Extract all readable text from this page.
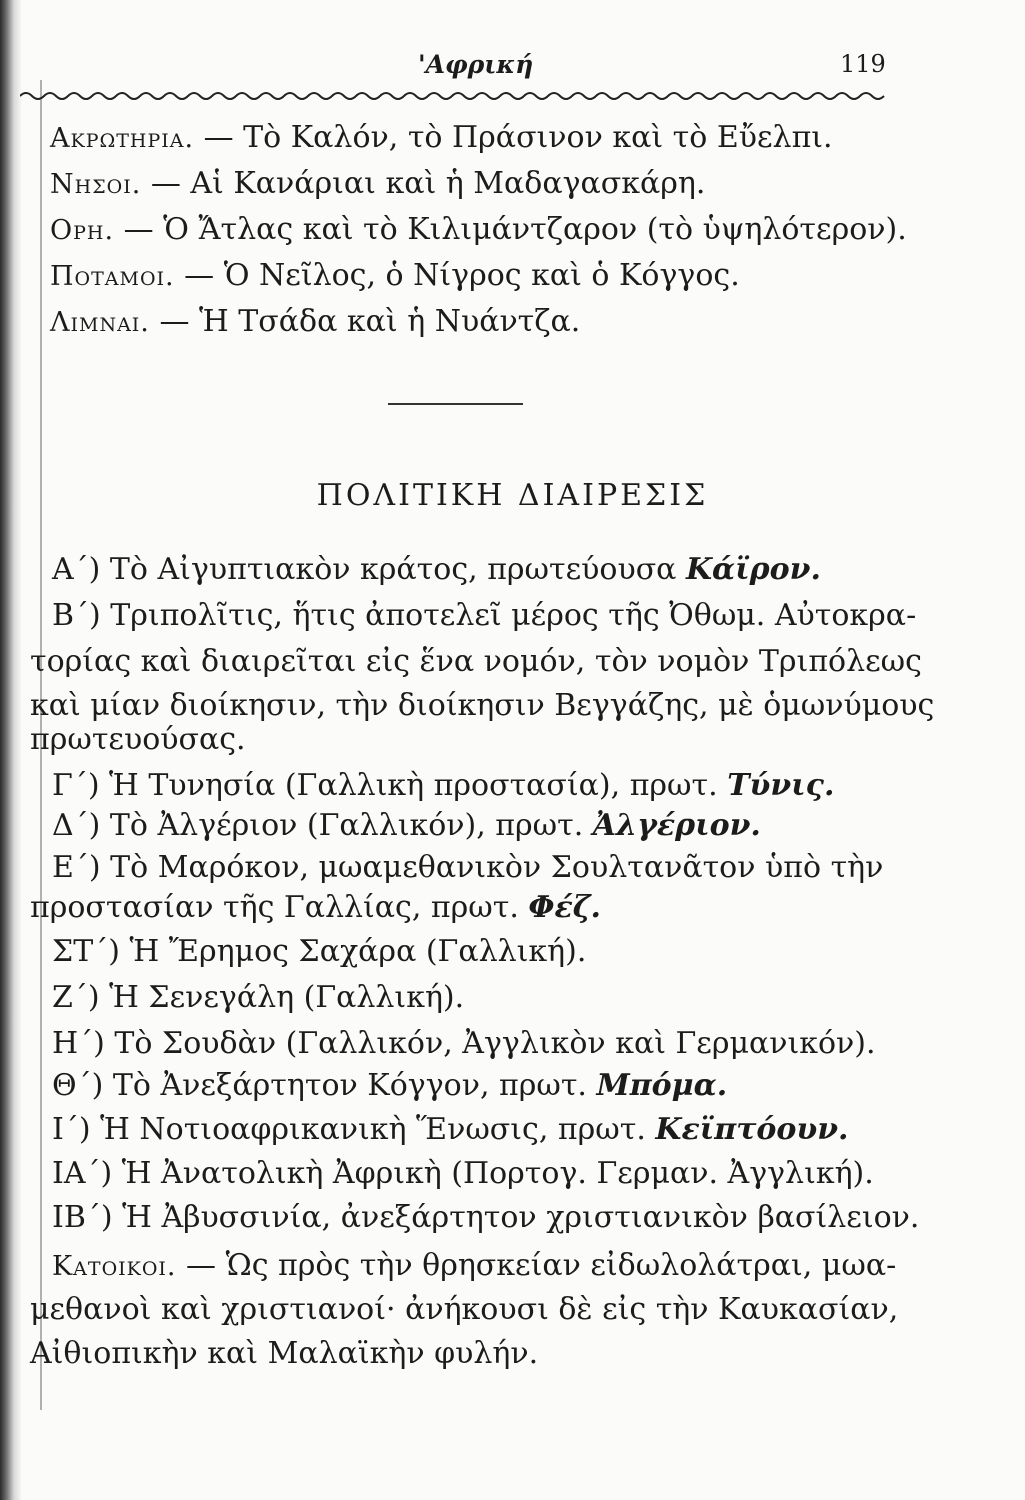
'Αφρική	119
Ακρωτηρια. — Τὸ Καλόν, τὸ Πράσινον καὶ τὸ Εὔελπι.
Νησοι. — Αἱ Κανάριαι καὶ ἡ Μαδαγασκάρη.
Ορη. — Ὁ Ἄτλας καὶ τὸ Κιλιμάντζαρον (τὸ ὑψηλότερον).
Ποταμοι. — Ὁ Νεῖλος, ὁ Νίγρος καὶ ὁ Κόγγος.
Λιμναι. — Ἡ Τσάδα καὶ ἡ Νυάντζα.
ΠΟΛΙΤΙΚΗ ΔΙΑΙΡΕΣΙΣ
Α΄) Τὸ Αἰγυπτιακὸν κράτος, πρωτεύουσα Κάϊρον.
Β΄) Τριπολῖτις, ἥτις ἀποτελεῖ μέρος τῆς Ὀθωμ. Αὐτοκρα-
τορίας καὶ διαιρεῖται εἰς ἕνα νομόν, τὸν νομὸν Τριπόλεως
καὶ μίαν διοίκησιν, τὴν διοίκησιν Βεγγάζης, μὲ ὁμωνύμους
πρωτευούσας.
Γ΄) Ἡ Τυνησία (Γαλλικὴ προστασία), πρωτ. Τύνις.
Δ΄) Τὸ Ἀλγέριον (Γαλλικόν), πρωτ. Ἀλγέριον.
Ε΄) Τὸ Μαρόκον, μωαμεθανικὸν Σουλτανᾶτον ὑπὸ τὴν
προστασίαν τῆς Γαλλίας, πρωτ. Φέζ.
ΣΤ΄) Ἡ Ἔρημος Σαχάρα (Γαλλική).
Ζ΄) Ἡ Σενεγάλη (Γαλλική).
Η΄) Τὸ Σουδὰν (Γαλλικόν, Ἀγγλικὸν καὶ Γερμανικόν).
Θ΄) Τὸ Ἀνεξάρτητον Κόγγον, πρωτ. Μπόμα.
Ι΄) Ἡ Νοτιοαφρικανικὴ Ἕνωσις, πρωτ. Κεϊπτόουν.
ΙΑ΄) Ἡ Ἀνατολικὴ Ἀφρικὴ (Πορτογ. Γερμαν. Ἀγγλική).
ΙΒ΄) Ἡ Ἀβυσσινία, ἀνεξάρτητον χριστιανικὸν βασίλειον.
Κατοικοι. — Ὡς πρὸς τὴν θρησκείαν εἰδωλολάτραι, μωα-
μεθανοὶ καὶ χριστιανοί· ἀνήκουσι δὲ εἰς τὴν Καυκασίαν,
Αἰθιοπικὴν καὶ Μαλαϊκὴν φυλήν.
